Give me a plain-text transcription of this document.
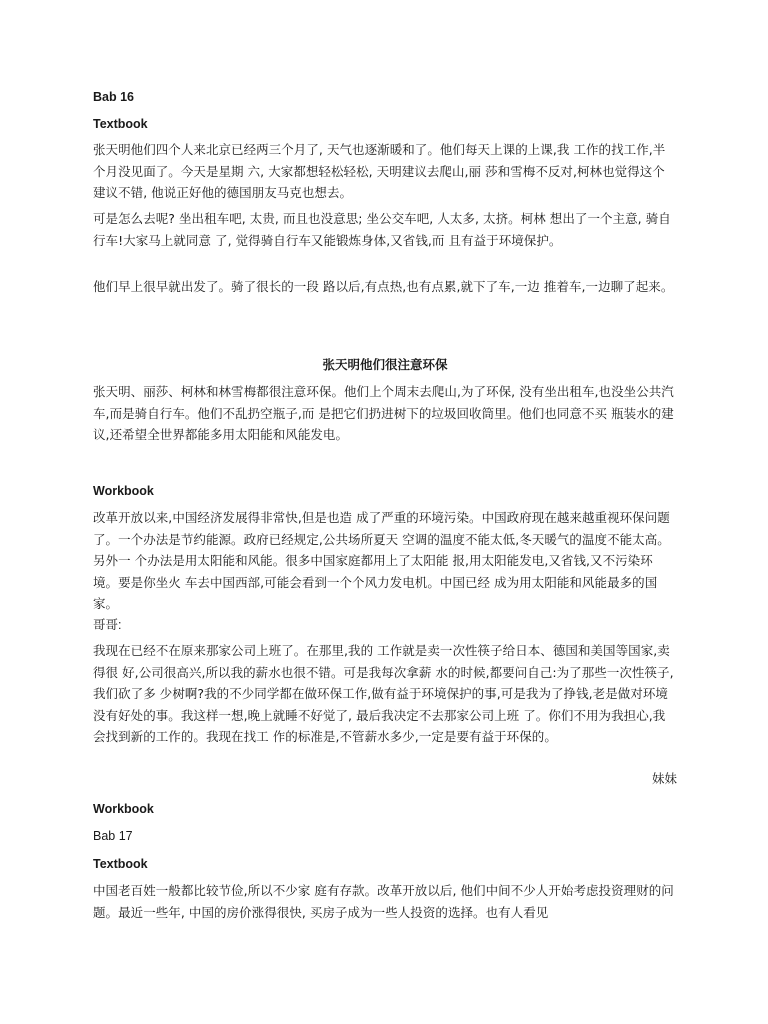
Bab 16
Textbook

张天明他们四个人来北京已经两三个月了, 天气也逐渐暖和了。他们每天上课的上课,我 工作的找工作,半个月没见面了。今天是星期 六, 大家都想轻松轻松, 天明建议去爬山,丽 莎和雪梅不反对,柯林也觉得这个建议不错, 他说正好他的德国朋友马克也想去。

可是怎么去呢? 坐出租车吧, 太贵, 而且也没意思; 坐公交车吧, 人太多, 太挤。柯林 想出了一个主意, 骑自行车!大家马上就同意 了, 觉得骑自行车又能锻炼身体,又省钱,而 且有益于环境保护。

他们早上很早就出发了。骑了很长的一段 路以后,有点热,也有点累,就下了车,一边 推着车,一边聊了起来。

张天明他们很注意环保

张天明、丽莎、柯林和林雪梅都很注意环保。他们上个周末去爬山,为了环保, 没有坐出租车,也没坐公共汽车,而是骑自行车。他们不乱扔空瓶子,而 是把它们扔进树下的垃圾回收筒里。他们也同意不买 瓶装水的建议,还希望全世界都能多用太阳能和风能发电。

Workbook

改革开放以来,中国经济发展得非常快,但是也造 成了严重的环境污染。中国政府现在越来越重视环保问题 了。一个办法是节约能源。政府已经规定,公共场所夏天 空调的温度不能太低,冬天暖气的温度不能太高。另外一 个办法是用太阳能和风能。很多中国家庭都用上了太阳能 报,用太阳能发电,又省钱,又不污染环境。要是你坐火 车去中国西部,可能会看到一个个风力发电机。中国已经 成为用太阳能和风能最多的国家。

哥哥:

我现在已经不在原来那家公司上班了。在那里,我的 工作就是卖一次性筷子给日本、德国和美国等国家,卖得很 好,公司很高兴,所以我的薪水也很不错。可是我每次拿薪 水的时候,都要问自己:为了那些一次性筷子,我们砍了多 少树啊?我的不少同学都在做环保工作,做有益于环境保护的事,可是我为了挣钱,老是做对环境没有好处的事。我这样一想,晚上就睡不好觉了, 最后我决定不去那家公司上班 了。你们不用为我担心,我会找到新的工作的。我现在找工 作的标准是,不管薪水多少,一定是要有益于环保的。

妹妹
Workbook
Bab 17
Textbook

中国老百姓一般都比较节俭,所以不少家 庭有存款。改革开放以后, 他们中间不少人开始考虑投资理财的问题。最近一些年, 中国的房价涨得很快, 买房子成为一些人投资的选择。也有人看见
